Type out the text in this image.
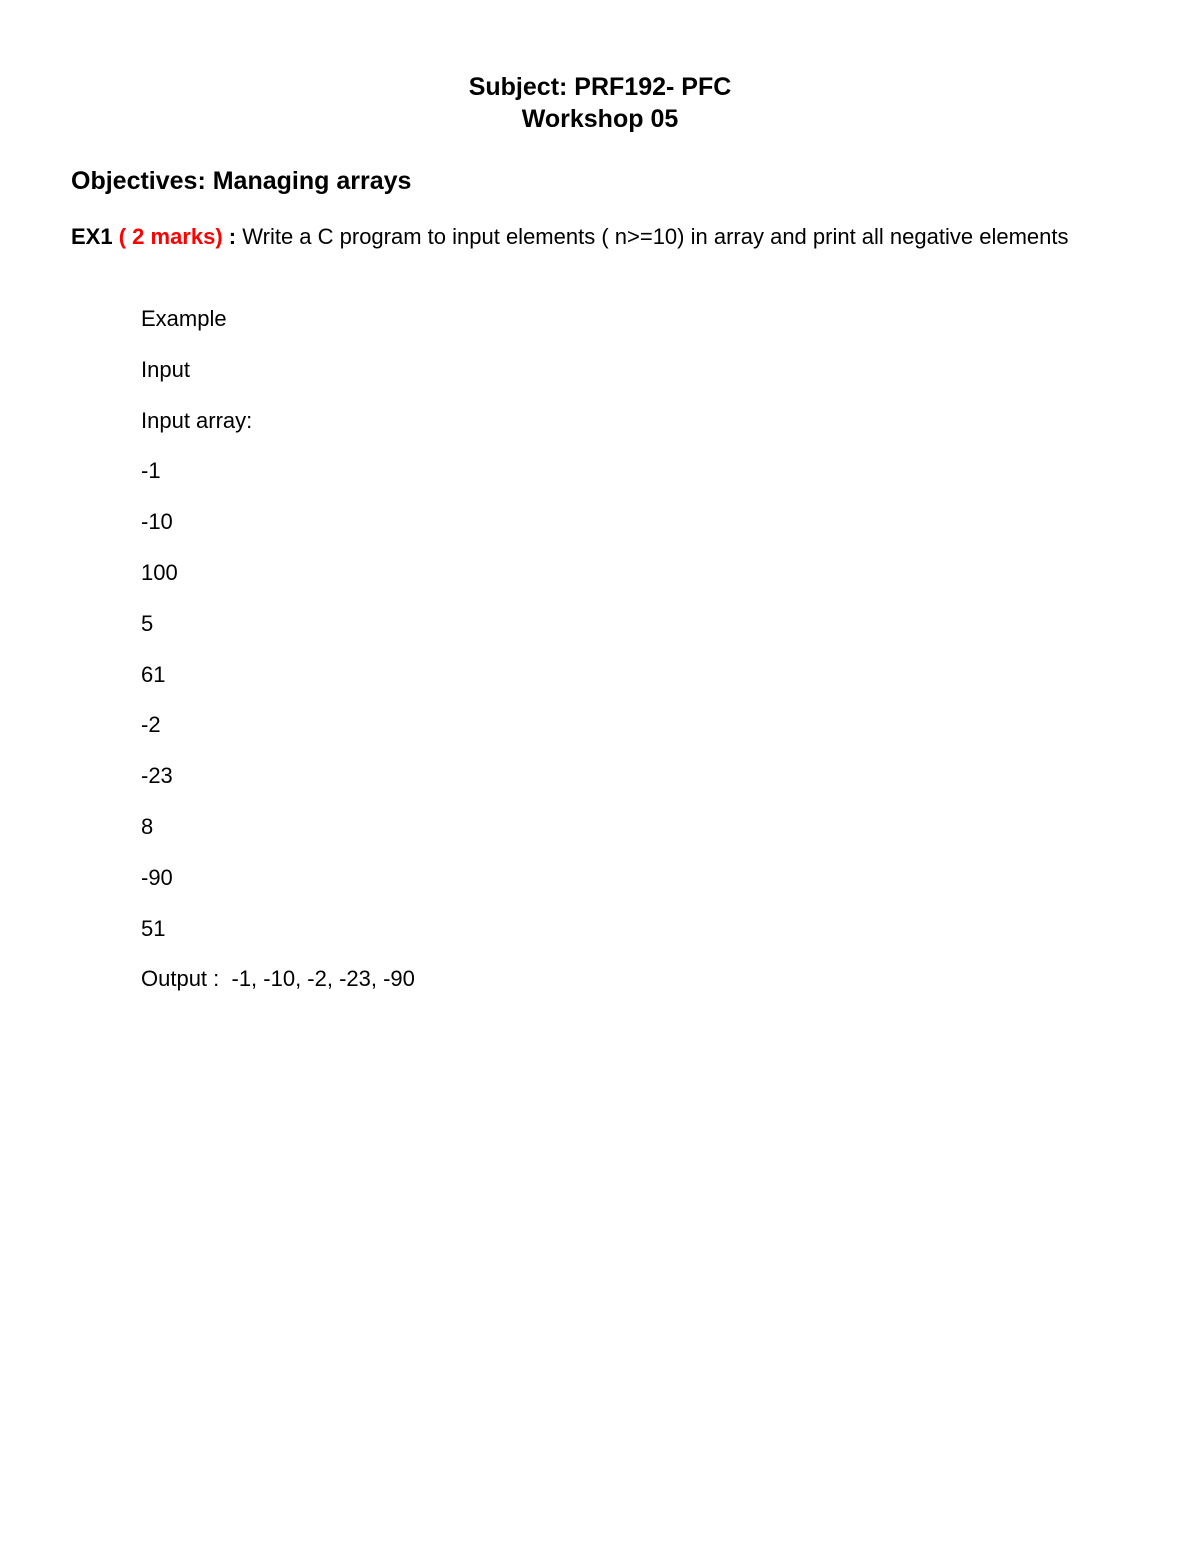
Subject: PRF192- PFC
Workshop 05
Objectives: Managing arrays
EX1 ( 2 marks) : Write a C program to input elements ( n>=10) in array and print all negative elements
Example
Input
Input array:
-1
-10
100
5
61
-2
-23
8
-90
51
Output :  -1, -10, -2, -23, -90
